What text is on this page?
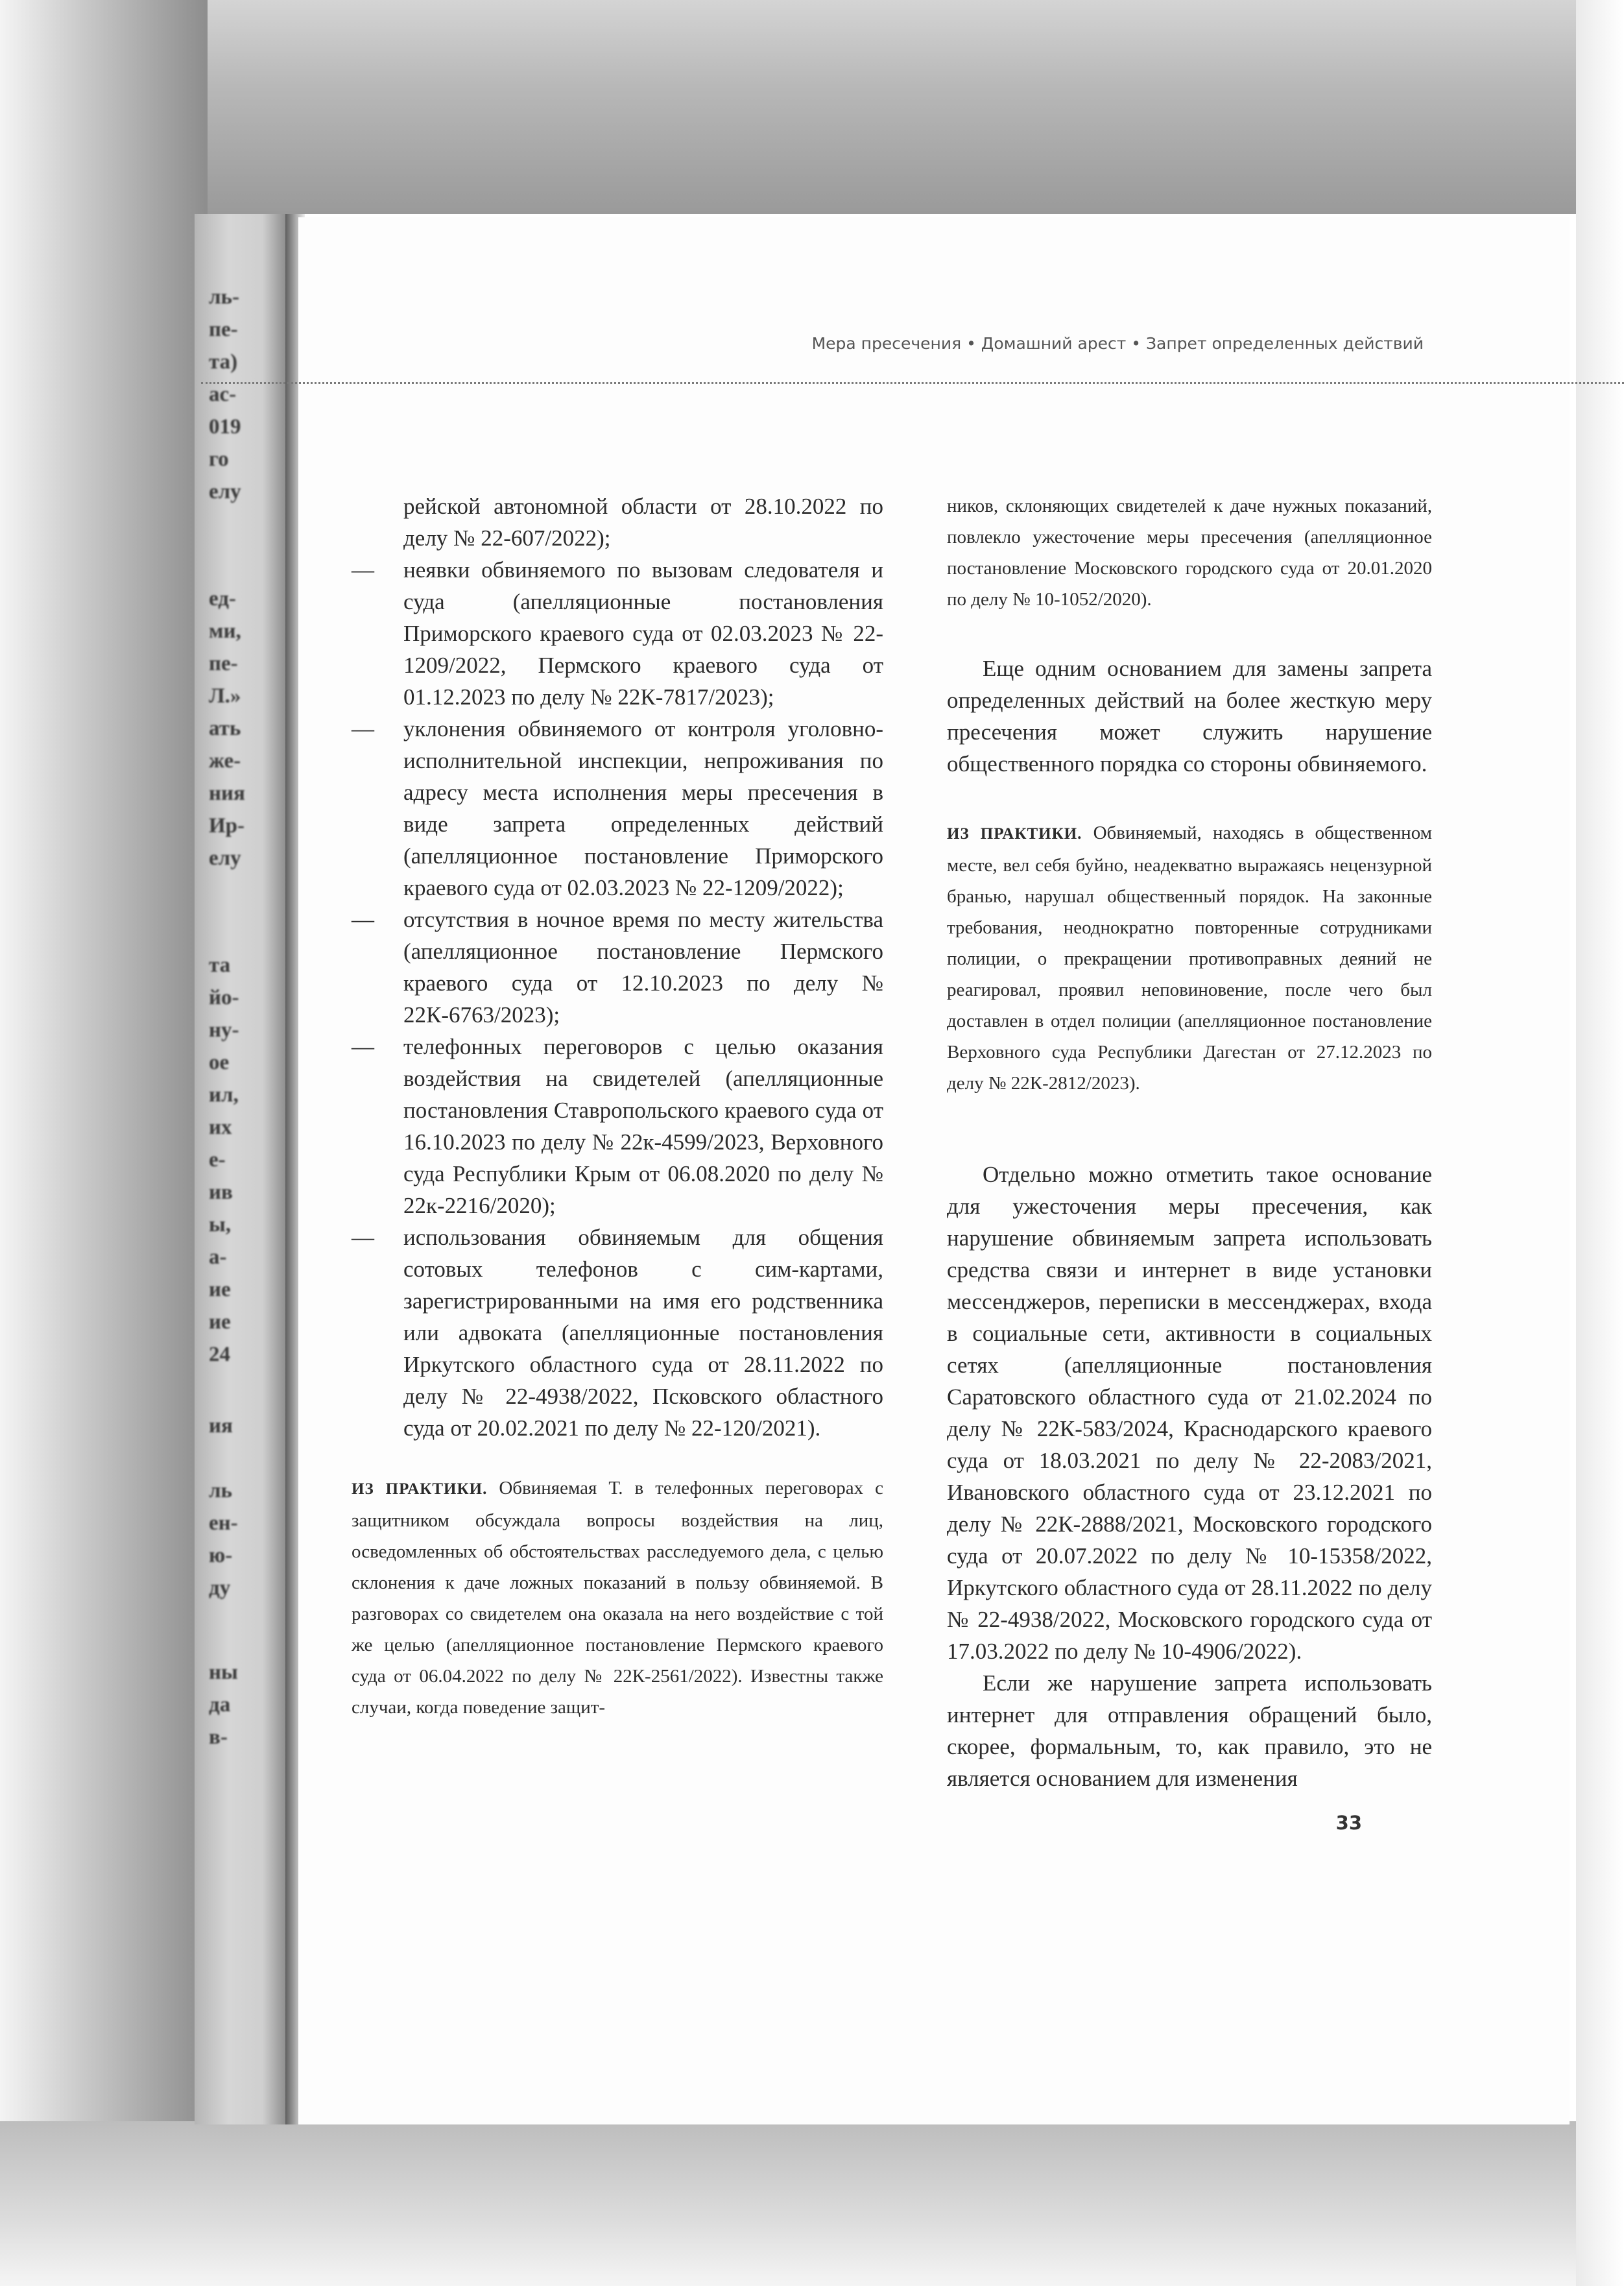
ль-
пе-
та)
ас-
019
го
елу
ед-
ми,
пе-
Л.»
ать
же-
ния
Ир-
елу
та
йо-
ну-
ое
ил,
их
е-
ив
ы,
а-
ие
ие
24
ия
ль
ен-
ю-
ду
ны
да
в-
Мера пресечения • Домашний арест • Запрет определенных действий

рейской автономной области от 28.10.2022 по делу № 22-607/2022);

— неявки обвиняемого по вызовам следователя и суда (апелляционные постановления Приморского краевого суда от 02.03.2023 № 22-1209/2022, Пермского краевого суда от 01.12.2023 по делу № 22К-7817/2023);

— уклонения обвиняемого от контроля уголовно-исполнительной инспекции, непроживания по адресу места исполнения меры пресечения в виде запрета определенных действий (апелляционное постановление Приморского краевого суда от 02.03.2023 № 22-1209/2022);

— отсутствия в ночное время по месту жительства (апелляционное постановление Пермского краевого суда от 12.10.2023 по делу № 22К-6763/2023);

— телефонных переговоров с целью оказания воздействия на свидетелей (апелляционные постановления Ставропольского краевого суда от 16.10.2023 по делу № 22к-4599/2023, Верховного суда Республики Крым от 06.08.2020 по делу № 22к-2216/2020);

— использования обвиняемым для общения сотовых телефонов с сим-картами, зарегистрированными на имя его родственника или адвоката (апелляционные постановления Иркутского областного суда от 28.11.2022 по делу № 22-4938/2022, Псковского областного суда от 20.02.2021 по делу № 22-120/2021).

ИЗ ПРАКТИКИ. Обвиняемая Т. в телефонных переговорах с защитником обсуждала вопросы воздействия на лиц, осведомленных об обстоятельствах расследуемого дела, с целью склонения к даче ложных показаний в пользу обвиняемой. В разговорах со свидетелем она оказала на него воздействие с той же целью (апелляционное постановление Пермского краевого суда от 06.04.2022 по делу № 22К-2561/2022). Известны также случаи, когда поведение защит-

ников, склоняющих свидетелей к даче нужных показаний, повлекло ужесточение меры пресечения (апелляционное постановление Московского городского суда от 20.01.2020 по делу № 10-1052/2020).

Еще одним основанием для замены запрета определенных действий на более жесткую меру пресечения может служить нарушение общественного порядка со стороны обвиняемого.

ИЗ ПРАКТИКИ. Обвиняемый, находясь в общественном месте, вел себя буйно, неадекватно выражаясь нецензурной бранью, нарушал общественный порядок. На законные требования, неоднократно повторенные сотрудниками полиции, о прекращении противоправных деяний не реагировал, проявил неповиновение, после чего был доставлен в отдел полиции (апелляционное постановление Верховного суда Республики Дагестан от 27.12.2023 по делу № 22К-2812/2023).

Отдельно можно отметить такое основание для ужесточения меры пресечения, как нарушение обвиняемым запрета использовать средства связи и интернет в виде установки мессенджеров, переписки в мессенджерах, входа в социальные сети, активности в социальных сетях (апелляционные постановления Саратовского областного суда от 21.02.2024 по делу № 22К-583/2024, Краснодарского краевого суда от 18.03.2021 по делу № 22-2083/2021, Ивановского областного суда от 23.12.2021 по делу № 22К-2888/2021, Московского городского суда от 20.07.2022 по делу № 10-15358/2022, Иркутского областного суда от 28.11.2022 по делу № 22-4938/2022, Московского городского суда от 17.03.2022 по делу № 10-4906/2022).

Если же нарушение запрета использовать интернет для отправления обращений было, скорее, формальным, то, как правило, это не является основанием для изменения

33
